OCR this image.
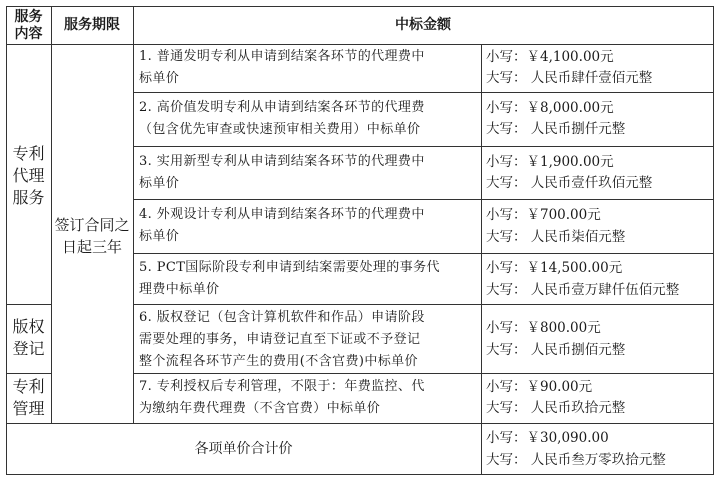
服务
内容
服务期限	中标金额
专利
代理
服务
版权
登记
专利
管理
签订合同之
日起三年
1. 普通发明专利从申请到结案各环节的代理费中
标单价
小写：￥4,100.00元
大写： 人民币肆仟壹佰元整
2. 高价值发明专利从申请到结案各环节的代理费
（包含优先审查或快速预审相关费用）中标单价
小写：￥8,000.00元
大写： 人民币捌仟元整
3. 实用新型专利从申请到结案各环节的代理费中
标单价
小写：￥1,900.00元
大写： 人民币壹仟玖佰元整
4. 外观设计专利从申请到结案各环节的代理费中
标单价
小写：￥700.00元
大写： 人民币柒佰元整
5. PCT国际阶段专利申请到结案需要处理的事务代
理费中标单价
小写：￥14,500.00元
大写： 人民币壹万肆仟伍佰元整
6. 版权登记（包含计算机软件和作品）申请阶段
需要处理的事务，申请登记直至下证或不予登记
整个流程各环节产生的费用(不含官费)中标单价
小写：￥800.00元
大写： 人民币捌佰元整
7. 专利授权后专利管理，不限于：年费监控、代
为缴纳年费代理费（不含官费）中标单价
小写：￥90.00元
大写： 人民币玖拾元整
各项单价合计价
小写：￥30,090.00
大写： 人民币叁万零玖拾元整
